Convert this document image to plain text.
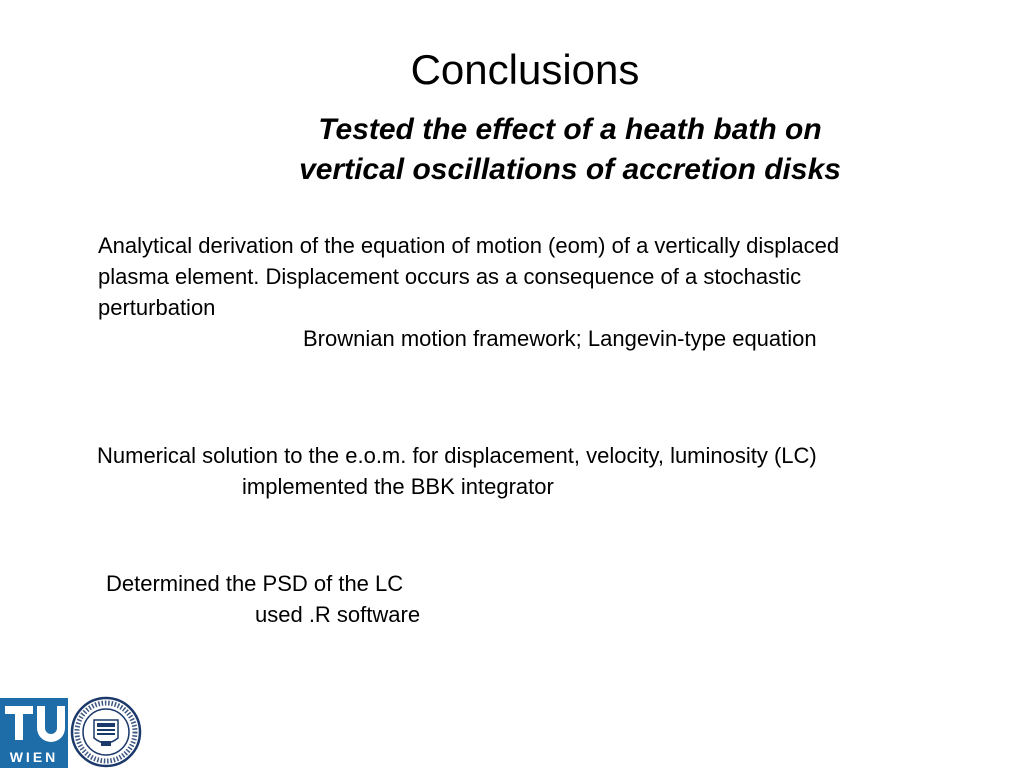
Conclusions
Tested the effect of a heath bath on
vertical oscillations of accretion disks
Analytical derivation of the equation of motion (eom) of a vertically displaced
plasma element. Displacement occurs as a consequence of a stochastic
perturbation
Brownian motion framework; Langevin-type equation
Numerical solution to the e.o.m. for displacement, velocity, luminosity (LC)
implemented the BBK integrator
Determined the PSD of the LC
used .R software
WIEN
